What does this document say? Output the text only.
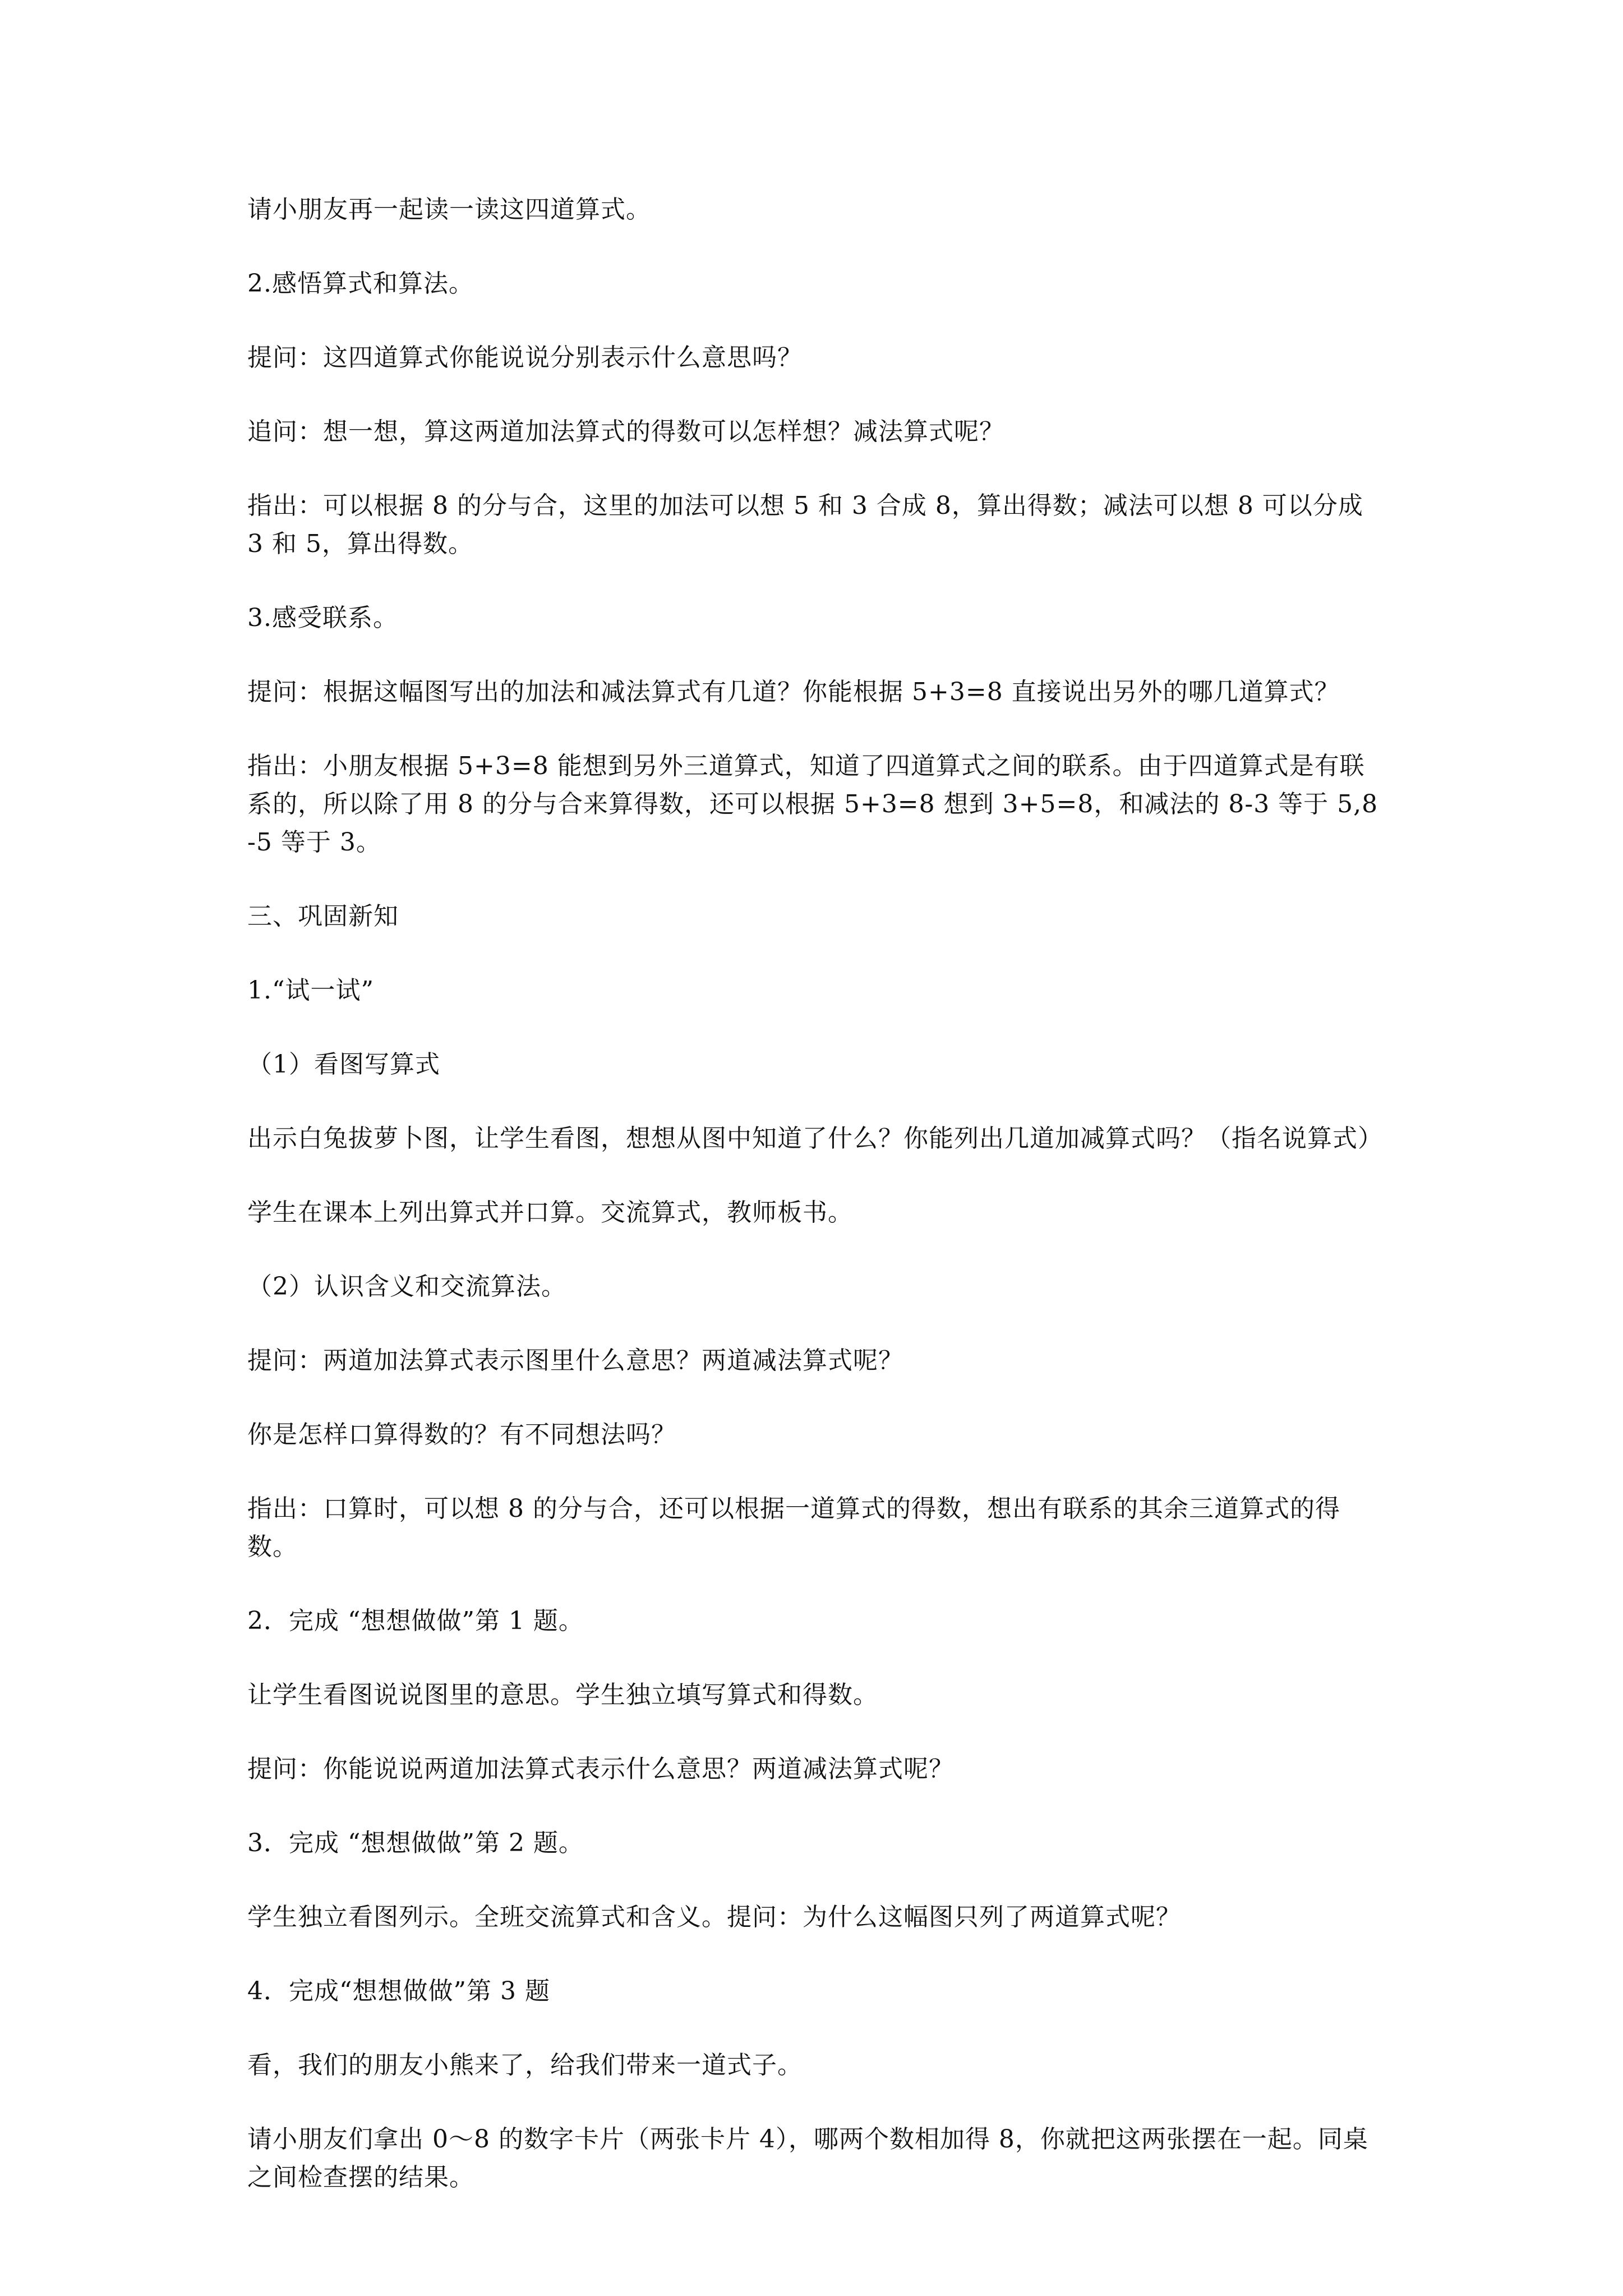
请小朋友再一起读一读这四道算式。

2.感悟算式和算法。

提问：这四道算式你能说说分别表示什么意思吗？

追问：想一想，算这两道加法算式的得数可以怎样想？减法算式呢？

指出：可以根据 8 的分与合，这里的加法可以想 5 和 3 合成 8，算出得数；减法可以想 8 可以分成 3 和 5，算出得数。

3.感受联系。

提问：根据这幅图写出的加法和减法算式有几道？你能根据 5+3=8 直接说出另外的哪几道算式？

指出：小朋友根据 5+3=8 能想到另外三道算式，知道了四道算式之间的联系。由于四道算式是有联系的，所以除了用 8 的分与合来算得数，还可以根据 5+3=8 想到 3+5=8，和减法的 8-3 等于 5,8-5 等于 3。

三、巩固新知

1.“试一试”

（1）看图写算式

出示白兔拔萝卜图，让学生看图，想想从图中知道了什么？你能列出几道加减算式吗？（指名说算式）

学生在课本上列出算式并口算。交流算式，教师板书。

（2）认识含义和交流算法。

提问：两道加法算式表示图里什么意思？两道减法算式呢？

你是怎样口算得数的？有不同想法吗？

指出：口算时，可以想 8 的分与合，还可以根据一道算式的得数，想出有联系的其余三道算式的得数。

2．完成 “想想做做”第 1 题。

让学生看图说说图里的意思。学生独立填写算式和得数。

提问：你能说说两道加法算式表示什么意思？两道减法算式呢？

3．完成 “想想做做”第 2 题。

学生独立看图列示。全班交流算式和含义。提问：为什么这幅图只列了两道算式呢？

4．完成“想想做做”第 3 题

看，我们的朋友小熊来了，给我们带来一道式子。

请小朋友们拿出 0～8 的数字卡片（两张卡片 4），哪两个数相加得 8，你就把这两张摆在一起。同桌之间检查摆的结果。
